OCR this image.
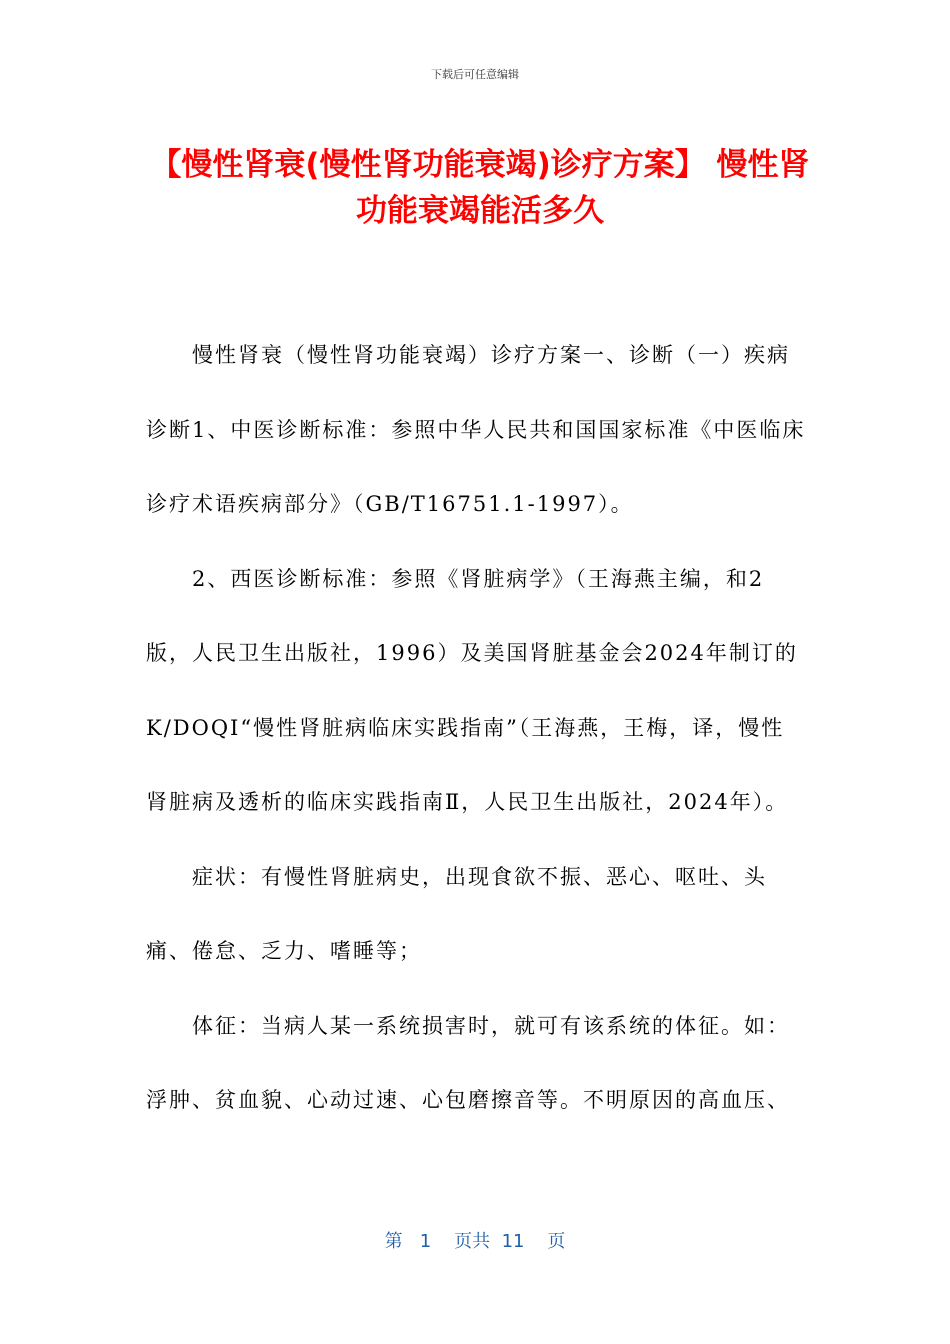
下载后可任意编辑
【慢性肾衰(慢性肾功能衰竭)诊疗方案】 慢性肾功能衰竭能活多久

慢性肾衰（慢性肾功能衰竭）诊疗方案一、诊断（一）疾病诊断1、中医诊断标准：参照中华人民共和国国家标准《中医临床诊疗术语疾病部分》（GB/T16751.1-1997）。

2、西医诊断标准：参照《肾脏病学》（王海燕主编，和2版，人民卫生出版社，1996）及美国肾脏基金会2024年制订的K/DOQI“慢性肾脏病临床实践指南”（王海燕，王梅，译，慢性肾脏病及透析的临床实践指南Ⅱ，人民卫生出版社，2024年）。

症状：有慢性肾脏病史，出现食欲不振、恶心、呕吐、头痛、倦怠、乏力、嗜睡等；

体征：当病人某一系统损害时，就可有该系统的体征。如：浮肿、贫血貌、心动过速、心包磨擦音等。不明原因的高血压、

第 1 页共 11 页
